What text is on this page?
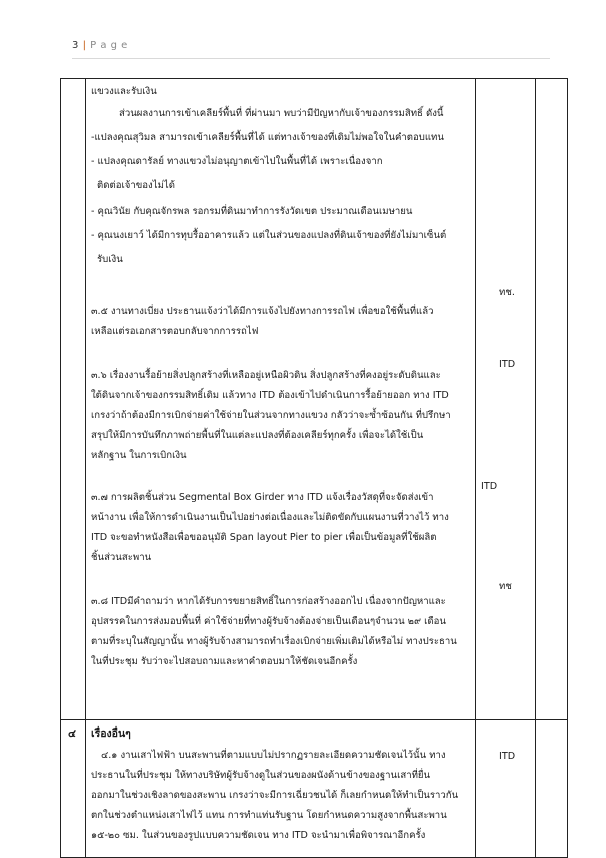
3 | P a g e
แขวงและรับเงิน
ส่วนผลงานการเข้าเคลียร์พื้นที่ ที่ผ่านมา พบว่ามีปัญหากับเจ้าของกรรมสิทธิ์ ดังนี้
-แปลงคุณสุวิมล สามารถเข้าเคลียร์พื้นที่ได้ แต่ทางเจ้าของที่เดิมไม่พอใจในคำตอบแทน
- แปลงคุณดารัลย์ ทางแขวงไม่อนุญาตเข้าไปในพื้นที่ได้ เพราะเนื่องจาก
ติดต่อเจ้าของไม่ได้
- คุณวินัย กับคุณจักรพล รอกรมที่ดินมาทำการรังวัดเขต ประมาณเดือนเมษายน
- คุณนงเยาว์ ได้มีการทุบรื้ออาคารแล้ว แต่ในส่วนของแปลงที่ดินเจ้าของที่ยังไม่มาเซ็นต์
รับเงิน
ทช.
๓.๕ งานทางเบี่ยง ประธานแจ้งว่าได้มีการแจ้งไปยังทางการรถไฟ เพื่อขอใช้พื้นที่แล้ว
เหลือแต่รอเอกสารตอบกลับจากการรถไฟ
ITD
๓.๖ เรื่องงานรื้อย้ายสิ่งปลูกสร้างที่เหลืออยู่เหนือผิวดิน สิ่งปลูกสร้างที่คงอยู่ระดับดินและ
ใต้ดินจากเจ้าของกรรมสิทธิ์เดิม แล้วทาง ITD ต้องเข้าไปดำเนินการรื้อย้ายออก ทาง ITD
เกรงว่าถ้าต้องมีการเบิกจ่ายค่าใช้จ่ายในส่วนจากทางแขวง กลัวว่าจะซ้ำซ้อนกัน ที่ปรึกษา
สรุปให้มีการบันทึกภาพถ่ายพื้นที่ในแต่ละแปลงที่ต้องเคลียร์ทุกครั้ง เพื่อจะได้ใช้เป็น
หลักฐาน ในการเบิกเงิน
ITD
๓.๗ การผลิตชิ้นส่วน Segmental Box Girder ทาง ITD แจ้งเรื่องวัสดุที่จะจัดส่งเข้า
หน้างาน เพื่อให้การดำเนินงานเป็นไปอย่างต่อเนื่องและไม่ติดขัดกับแผนงานที่วางไว้ ทาง
ITD จะขอทำหนังสือเพื่อขออนุมัติ Span layout Pier to pier เพื่อเป็นข้อมูลที่ใช้ผลิต
ชิ้นส่วนสะพาน
ทช
๓.๘ ITDมีคำถามว่า หากได้รับการขยายสิทธิ์ในการก่อสร้างออกไป เนื่องจากปัญหาและ
อุปสรรคในการส่งมอบพื้นที่ ค่าใช้จ่ายที่ทางผู้รับจ้างต้องจ่ายเป็นเดือนๆจำนวน ๒๙ เดือน
ตามที่ระบุในสัญญานั้น ทางผู้รับจ้างสามารถทำเรื่องเบิกจ่ายเพิ่มเติมได้หรือไม่ ทางประธาน
ในที่ประชุม รับว่าจะไปสอบถามและหาคำตอบมาให้ชัดเจนอีกครั้ง
๔ เรื่องอื่นๆ
ITD
๔.๑ งานเสาไฟฟ้า บนสะพานที่ตามแบบไม่ปรากฏรายละเอียดความชัดเจนไว้นั้น ทาง
ประธานในที่ประชุม ให้ทางบริษัทผู้รับจ้างดูในส่วนของผนังด้านข้างของฐานเสาที่ยื่น
ออกมาในช่วงเชิงลาดของสะพาน เกรงว่าจะมีการเฉี่ยวชนได้ ก็เลยกำหนดให้ทำเป็นราวกัน
ตกในช่วงตำแหน่งเสาไฟไว้ แทน การทำแท่นรับฐาน โดยกำหนดความสูงจากพื้นสะพาน
๑๕-๒๐ ซม. ในส่วนของรูปแบบความชัดเจน ทาง ITD จะนำมาเพื่อพิจารณาอีกครั้ง
